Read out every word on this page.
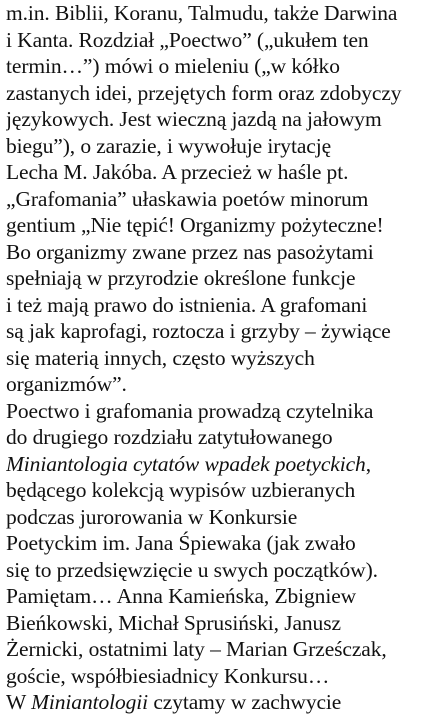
m.in. Biblii, Koranu, Talmudu, także Darwina
i Kanta. Rozdział „Poectwo” („ukułem ten
termin…”) mówi o mieleniu („w kółko
zastanych idei, przejętych form oraz zdobyczy
językowych. Jest wieczną jazdą na jałowym
biegu”), o zarazie, i wywołuje irytację
Lecha M. Jakóba. A przecież w haśle pt.
„Grafomania” ułaskawia poetów minorum
gentium „Nie tępić! Organizmy pożyteczne!
Bo organizmy zwane przez nas pasożytami
spełniają w przyrodzie określone funkcje
i też mają prawo do istnienia. A grafomani
są jak kaprofagi, roztocza i grzyby – żywiące
się materią innych, często wyższych
organizmów”.
Poectwo i grafomania prowadzą czytelnika
do drugiego rozdziału zatytułowanego
Miniantologia cytatów wpadek poetyckich,
będącego kolekcją wypisów uzbieranych
podczas jurorowania w Konkursie
Poetyckim im. Jana Śpiewaka (jak zwało
się to przedsięwzięcie u swych początków).
Pamiętam… Anna Kamieńska, Zbigniew
Bieńkowski, Michał Sprusiński, Janusz
Żernicki, ostatnimi laty – Marian Grześczak,
goście, współbiesiadnicy Konkursu…
W Miniantologii czytamy w zachwycie
